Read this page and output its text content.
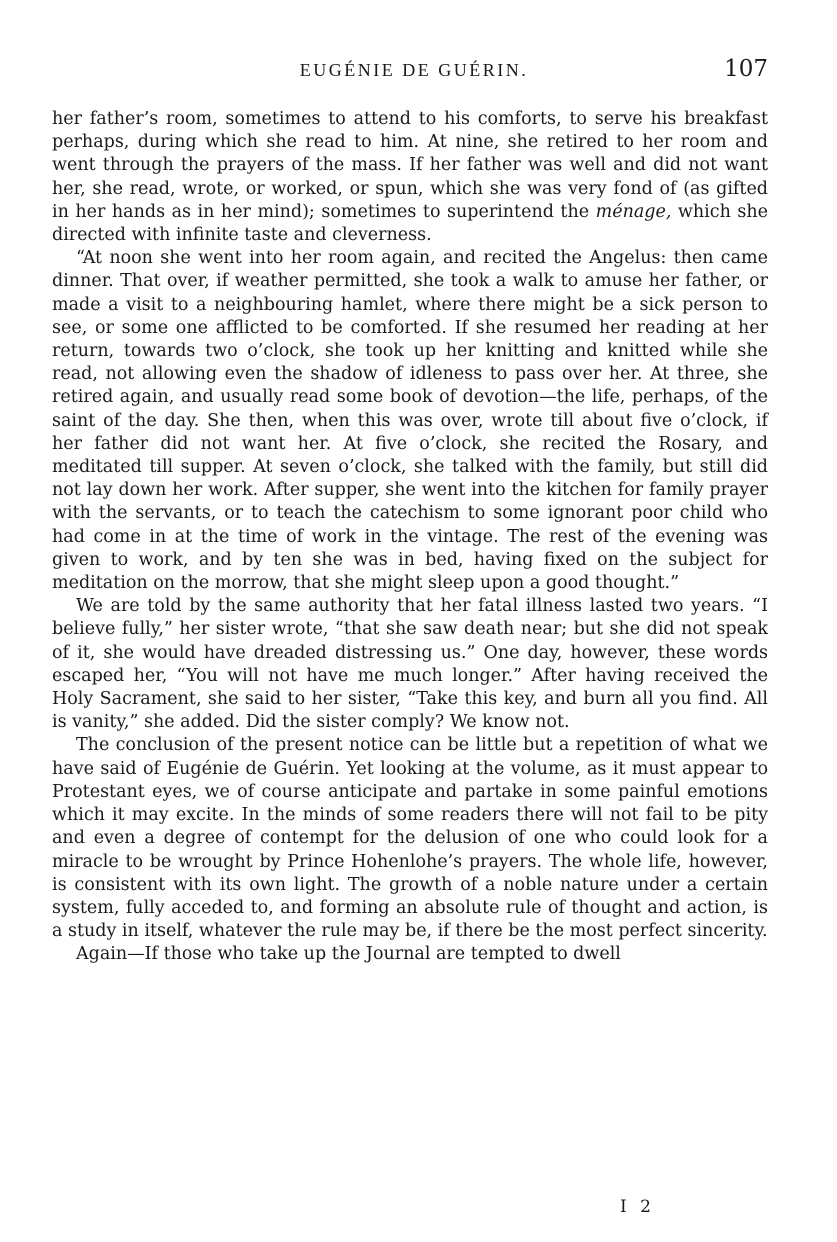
EUGÉNIE DE GUÉRIN.	107

her father’s room, sometimes to attend to his comforts, to serve his breakfast perhaps, during which she read to him. At nine, she retired to her room and went through the prayers of the mass. If her father was well and did not want her, she read, wrote, or worked, or spun, which she was very fond of (as gifted in her hands as in her mind); sometimes to superintend the ménage, which she directed with infinite taste and cleverness.

“At noon she went into her room again, and recited the Angelus: then came dinner. That over, if weather permitted, she took a walk to amuse her father, or made a visit to a neighbouring hamlet, where there might be a sick person to see, or some one afflicted to be comforted. If she resumed her reading at her return, towards two o’clock, she took up her knitting and knitted while she read, not allowing even the shadow of idleness to pass over her. At three, she retired again, and usually read some book of devotion—the life, perhaps, of the saint of the day. She then, when this was over, wrote till about five o’clock, if her father did not want her. At five o’clock, she recited the Rosary, and meditated till supper. At seven o’clock, she talked with the family, but still did not lay down her work. After supper, she went into the kitchen for family prayer with the servants, or to teach the catechism to some ignorant poor child who had come in at the time of work in the vintage. The rest of the evening was given to work, and by ten she was in bed, having fixed on the subject for meditation on the morrow, that she might sleep upon a good thought.”

We are told by the same authority that her fatal illness lasted two years. “I believe fully,” her sister wrote, “that she saw death near; but she did not speak of it, she would have dreaded distressing us.” One day, however, these words escaped her, “You will not have me much longer.” After having received the Holy Sacrament, she said to her sister, “Take this key, and burn all you find. All is vanity,” she added. Did the sister comply? We know not.

The conclusion of the present notice can be little but a repetition of what we have said of Eugénie de Guérin. Yet looking at the volume, as it must appear to Protestant eyes, we of course anticipate and partake in some painful emotions which it may excite. In the minds of some readers there will not fail to be pity and even a degree of contempt for the delusion of one who could look for a miracle to be wrought by Prince Hohenlohe’s prayers. The whole life, however, is consistent with its own light. The growth of a noble nature under a certain system, fully acceded to, and forming an absolute rule of thought and action, is a study in itself, whatever the rule may be, if there be the most perfect sincerity.

Again—If those who take up the Journal are tempted to dwell

I 2
